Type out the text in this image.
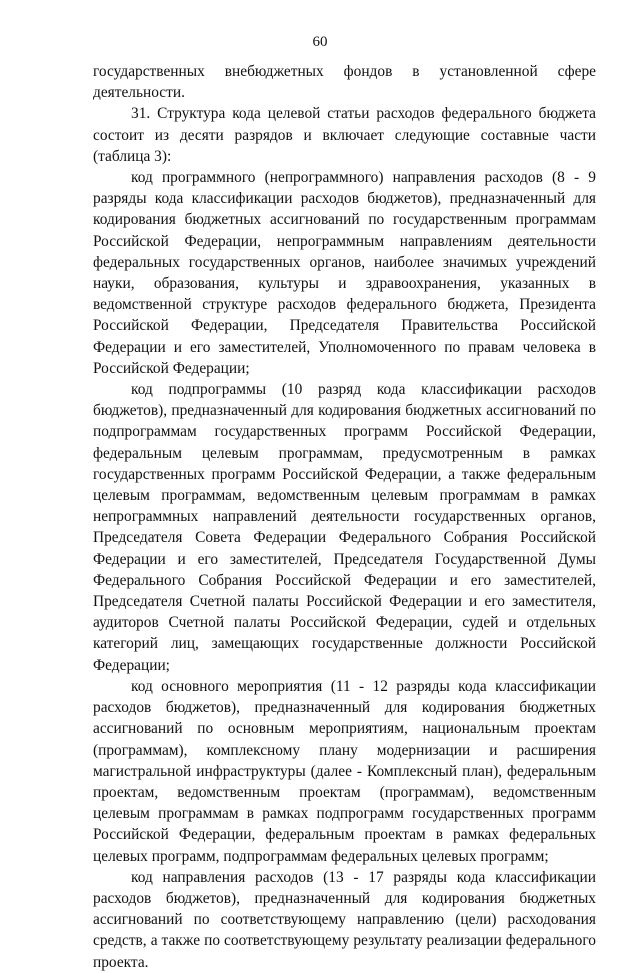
60

государственных внебюджетных фондов в установленной сфере деятельности.

31. Структура кода целевой статьи расходов федерального бюджета состоит из десяти разрядов и включает следующие составные части (таблица 3):

код программного (непрограммного) направления расходов (8 - 9 разряды кода классификации расходов бюджетов), предназначенный для кодирования бюджетных ассигнований по государственным программам Российской Федерации, непрограммным направлениям деятельности федеральных государственных органов, наиболее значимых учреждений науки, образования, культуры и здравоохранения, указанных в ведомственной структуре расходов федерального бюджета, Президента Российской Федерации, Председателя Правительства Российской Федерации и его заместителей, Уполномоченного по правам человека в Российской Федерации;

код подпрограммы (10 разряд кода классификации расходов бюджетов), предназначенный для кодирования бюджетных ассигнований по подпрограммам государственных программ Российской Федерации, федеральным целевым программам, предусмотренным в рамках государственных программ Российской Федерации, а также федеральным целевым программам, ведомственным целевым программам в рамках непрограммных направлений деятельности государственных органов, Председателя Совета Федерации Федерального Собрания Российской Федерации и его заместителей, Председателя Государственной Думы Федерального Собрания Российской Федерации и его заместителей, Председателя Счетной палаты Российской Федерации и его заместителя, аудиторов Счетной палаты Российской Федерации, судей и отдельных категорий лиц, замещающих государственные должности Российской Федерации;

код основного мероприятия (11 - 12 разряды кода классификации расходов бюджетов), предназначенный для кодирования бюджетных ассигнований по основным мероприятиям, национальным проектам (программам), комплексному плану модернизации и расширения магистральной инфраструктуры (далее - Комплексный план), федеральным проектам, ведомственным проектам (программам), ведомственным целевым программам в рамках подпрограмм государственных программ Российской Федерации, федеральным проектам в рамках федеральных целевых программ, подпрограммам федеральных целевых программ;

код направления расходов (13 - 17 разряды кода классификации расходов бюджетов), предназначенный для кодирования бюджетных ассигнований по соответствующему направлению (цели) расходования средств, а также по соответствующему результату реализации федерального проекта.
